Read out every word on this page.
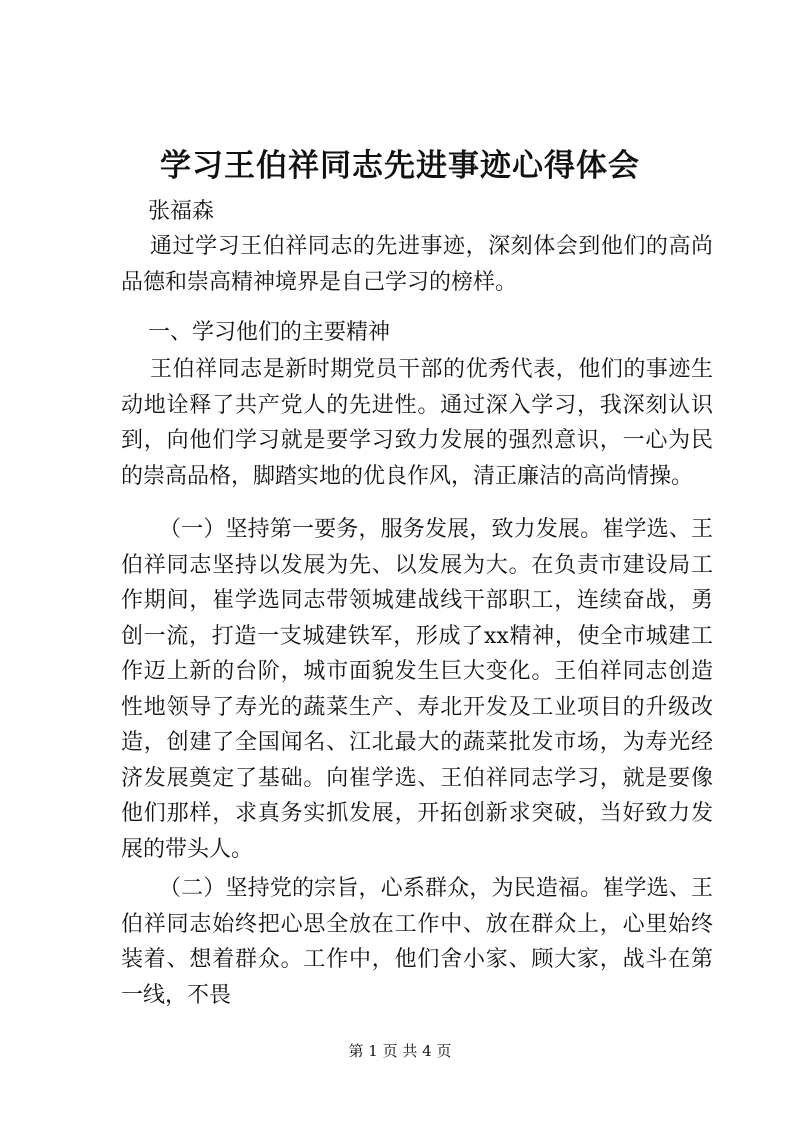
学习王伯祥同志先进事迹心得体会
张福森
通过学习王伯祥同志的先进事迹，深刻体会到他们的高尚品德和崇高精神境界是自己学习的榜样。
一、学习他们的主要精神
王伯祥同志是新时期党员干部的优秀代表，他们的事迹生动地诠释了共产党人的先进性。通过深入学习，我深刻认识到，向他们学习就是要学习致力发展的强烈意识，一心为民的崇高品格，脚踏实地的优良作风，清正廉洁的高尚情操。
（一）坚持第一要务，服务发展，致力发展。崔学选、王伯祥同志坚持以发展为先、以发展为大。在负责市建设局工作期间，崔学选同志带领城建战线干部职工，连续奋战，勇创一流，打造一支城建铁军，形成了xx精神，使全市城建工作迈上新的台阶，城市面貌发生巨大变化。王伯祥同志创造性地领导了寿光的蔬菜生产、寿北开发及工业项目的升级改造，创建了全国闻名、江北最大的蔬菜批发市场，为寿光经济发展奠定了基础。向崔学选、王伯祥同志学习，就是要像他们那样，求真务实抓发展，开拓创新求突破，当好致力发展的带头人。
（二）坚持党的宗旨，心系群众，为民造福。崔学选、王伯祥同志始终把心思全放在工作中、放在群众上，心里始终装着、想着群众。工作中，他们舍小家、顾大家，战斗在第一线，不畏
第 1 页 共 4 页
